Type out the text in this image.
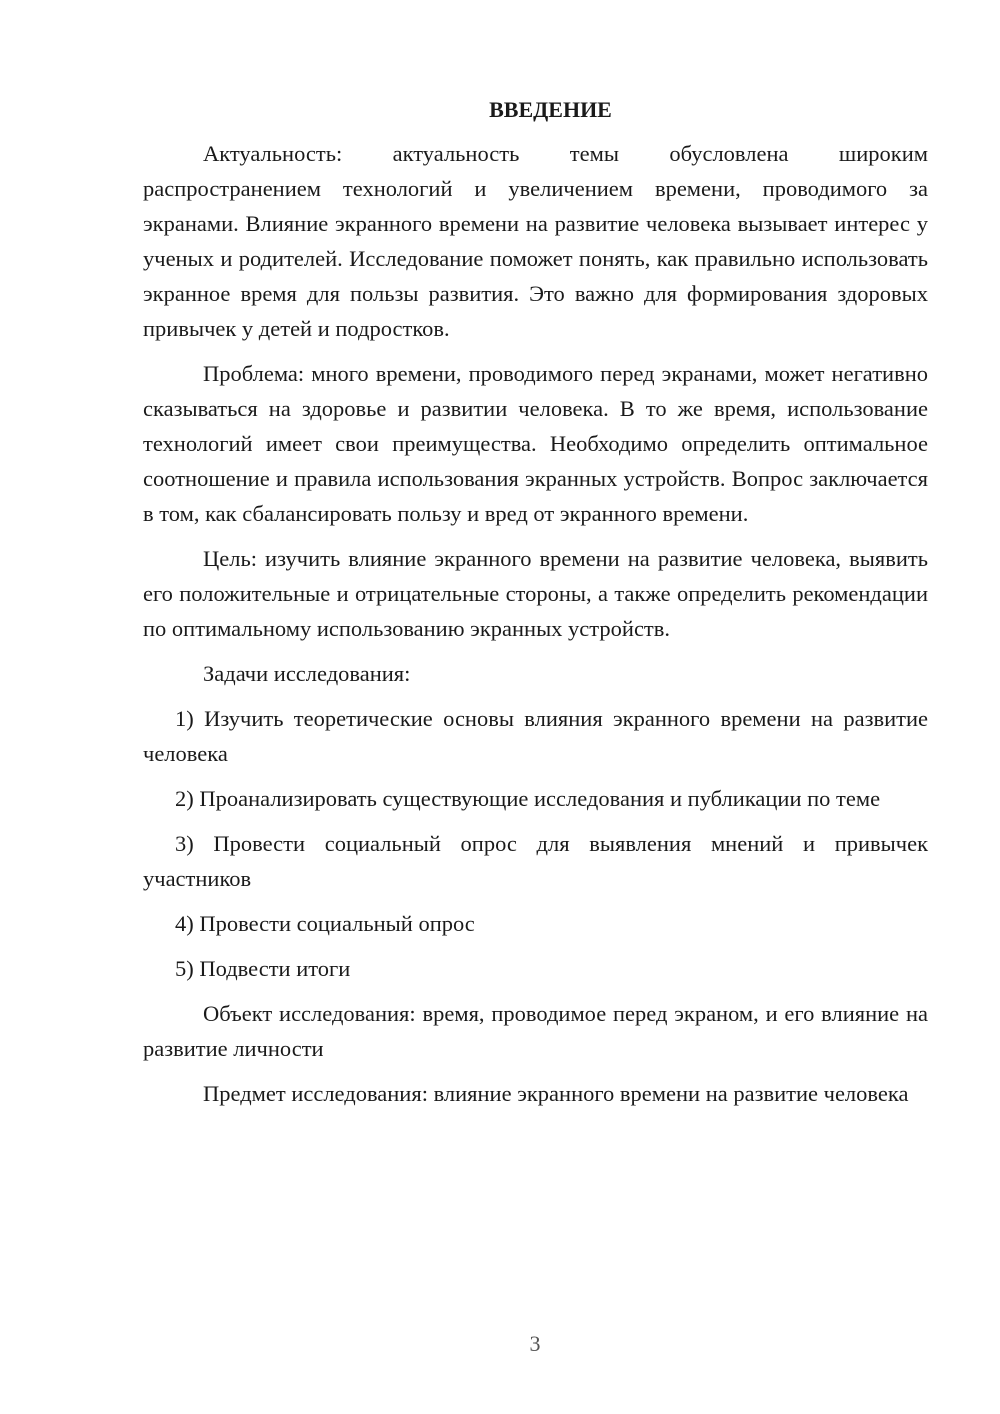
ВВЕДЕНИЕ

Актуальность: актуальность темы обусловлена широким распространением технологий и увеличением времени, проводимого за экранами. Влияние экранного времени на развитие человека вызывает интерес у ученых и родителей. Исследование поможет понять, как правильно использовать экранное время для пользы развития. Это важно для формирования здоровых привычек у детей и подростков.

Проблема: много времени, проводимого перед экранами, может негативно сказываться на здоровье и развитии человека. В то же время, использование технологий имеет свои преимущества. Необходимо определить оптимальное соотношение и правила использования экранных устройств. Вопрос заключается в том, как сбалансировать пользу и вред от экранного времени.

Цель: изучить влияние экранного времени на развитие человека, выявить его положительные и отрицательные стороны, а также определить рекомендации по оптимальному использованию экранных устройств.

Задачи исследования:

1) Изучить теоретические основы влияния экранного времени на развитие человека

2) Проанализировать существующие исследования и публикации по теме

3) Провести социальный опрос для выявления мнений и привычек участников

4) Провести социальный опрос

5) Подвести итоги

Объект исследования: время, проводимое перед экраном, и его влияние на развитие личности

Предмет исследования: влияние экранного времени на развитие человека

3
